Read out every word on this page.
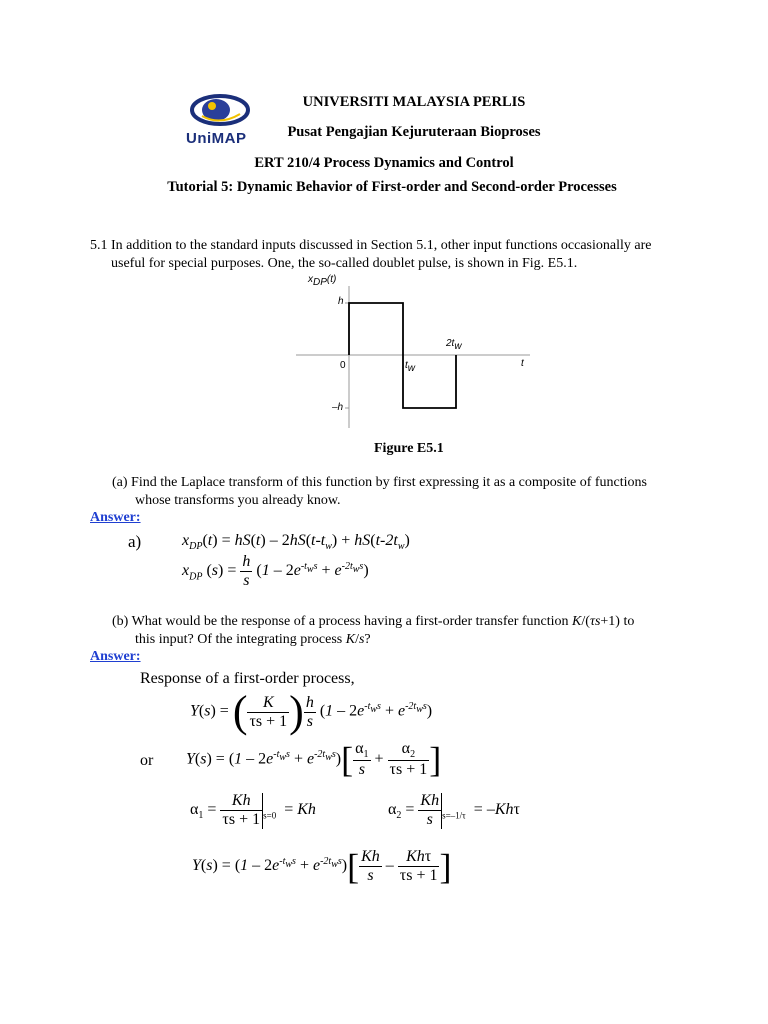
UniMAP
UNIVERSITI MALAYSIA PERLIS
Pusat Pengajian Kejuruteraan Bioproses
ERT 210/4 Process Dynamics and Control
Tutorial 5: Dynamic Behavior of First-order and Second-order Processes
5.1 In addition to the standard inputs discussed in Section 5.1, other input functions occasionally are
useful for special purposes. One, the so-called doublet pulse, is shown in Fig. E5.1.
$x_{DP}(t)$
h
0	$t_w$
$2t_w$
t
–h
Figure E5.1
(a) Find the Laplace transform of this function by first expressing it as a composite of functions
whose transforms you already know.
Answer:
a)	$x_{DP}(t) = hS(t) - 2hS(t-t_w) + hS(t-2t_w)$
$x_{DP}$ $(s) = \frac{h}{s} (1 - 2e^{-t_ws} + e^{-2t_ws})$
(b) What would be the response of a process having a first-order transfer function K/(τs+1) to
this input? Of the integrating process K/s?
Answer:
Response of a first-order process,
Y(s) = ( $\frac{K}{\tau s + 1}$ ) $\frac{h}{s} (1 - 2e^{-t_ws} + e^{-2t_ws})$
or $Y(s) = (1 - 2e^{-t_ws} + e^{-2t_ws})[ \frac{\alpha_1}{s} + \frac{\alpha_2}{\tau s + 1}$ ]
$\alpha_1 = \frac{Kh}{\tau s + 1} _{s=0} = Kh$	$\alpha_2 = \frac{Kh}{s} _{s=-1/\tau} = -Kh\tau$
$Y(s) = (1 - 2e^{-t_ws} + e^{-2t_ws})[ \frac{Kh}{s} - \frac{\text{Khτ}}{\tau s + 1}$ ]
